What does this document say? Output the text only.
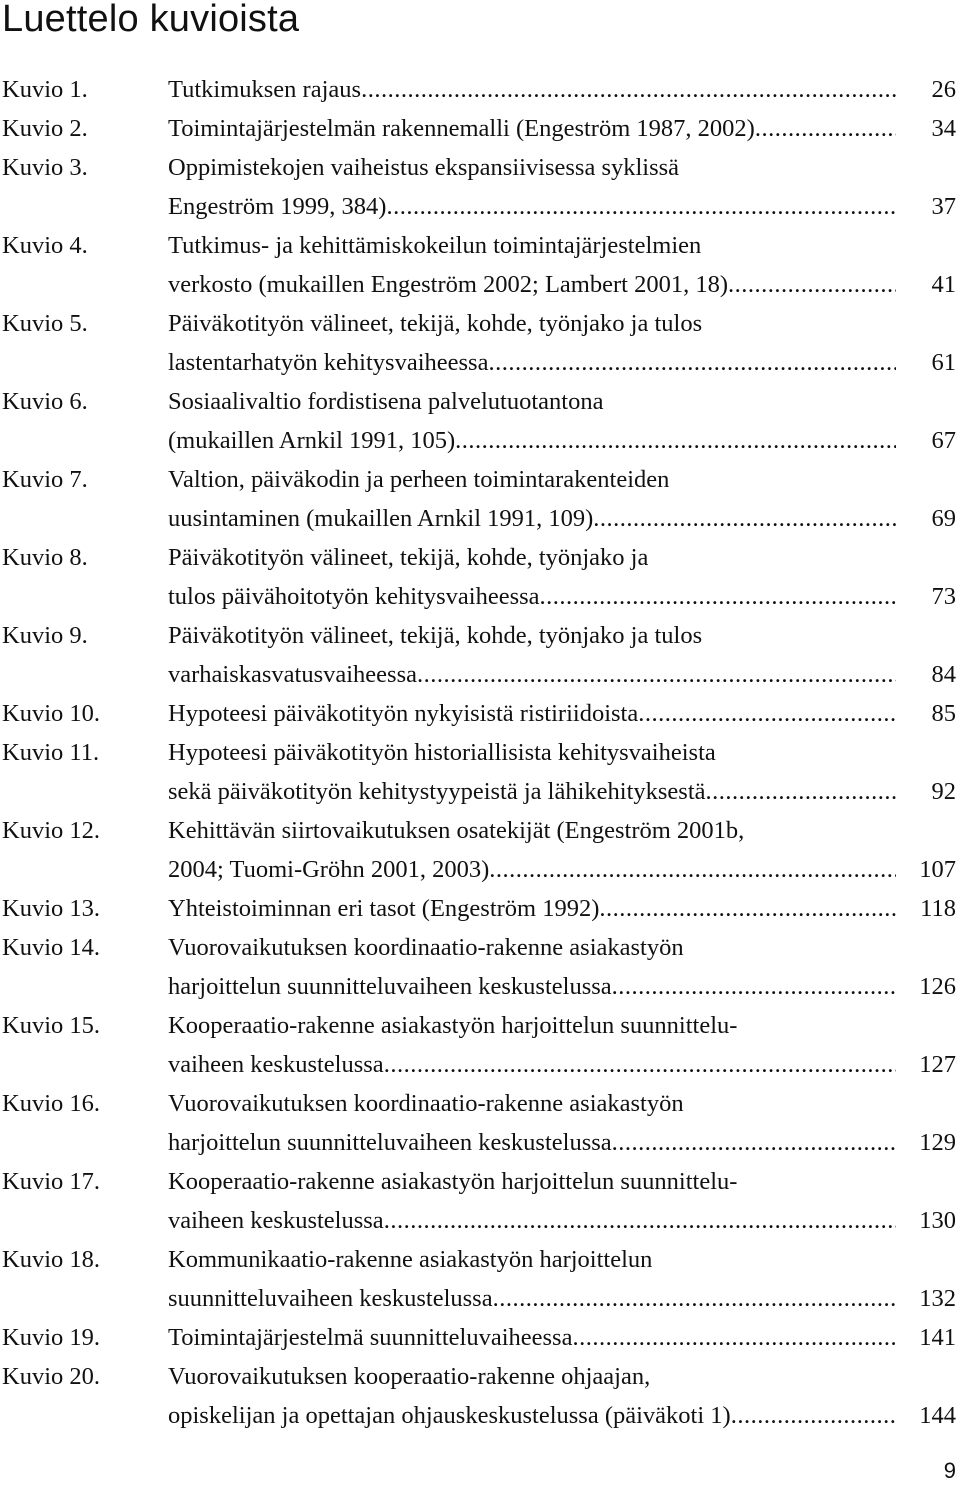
Luettelo kuvioista
Kuvio 1.	Tutkimuksen rajaus .....	26
Kuvio 2.	Toimintajärjestelmän rakennemalli (Engeström 1987, 2002) .....	34
Kuvio 3.	Oppimistekojen vaiheistus ekspansiivisessa syklissä
Engeström 1999, 384) .....	37
Kuvio 4.	Tutkimus- ja kehittämiskokeilun toimintajärjestelmien
verkosto (mukaillen Engeström 2002; Lambert 2001, 18) .....	41
Kuvio 5.	Päiväkotityön välineet, tekijä, kohde, työnjako ja tulos
lastentarhatyön kehitysvaiheessa .....	61
Kuvio 6.	Sosiaalivaltio fordistisena palvelutuotantona
(mukaillen Arnkil 1991, 105) .....	67
Kuvio 7.	Valtion, päiväkodin ja perheen toimintarakenteiden
uusintaminen (mukaillen Arnkil 1991, 109) .....	69
Kuvio 8.	Päiväkotityön välineet, tekijä, kohde, työnjako ja
tulos päivähoitotyön kehitysvaiheessa .....	73
Kuvio 9.	Päiväkotityön välineet, tekijä, kohde, työnjako ja tulos
varhaiskasvatusvaiheessa .....	84
Kuvio 10.	Hypoteesi päiväkotityön nykyisistä ristiriidoista .....	85
Kuvio 11.	Hypoteesi päiväkotityön historiallisista kehitysvaiheista
sekä päiväkotityön kehitystyypeistä ja lähikehityksestä .....	92
Kuvio 12.	Kehittävän siirtovaikutuksen osatekijät (Engeström 2001b,
2004; Tuomi-Gröhn 2001, 2003) .....	107
Kuvio 13.	Yhteistoiminnan eri tasot (Engeström 1992) .....	118
Kuvio 14.	Vuorovaikutuksen koordinaatio-rakenne asiakastyön
harjoittelun suunnitteluvaiheen keskustelussa .....	126
Kuvio 15.	Kooperaatio-rakenne asiakastyön harjoittelun suunnittelu-
vaiheen keskustelussa .....	127
Kuvio 16.	Vuorovaikutuksen koordinaatio-rakenne asiakastyön
harjoittelun suunnitteluvaiheen keskustelussa .....	129
Kuvio 17.	Kooperaatio-rakenne asiakastyön harjoittelun suunnittelu-
vaiheen keskustelussa .....	130
Kuvio 18.	Kommunikaatio-rakenne asiakastyön harjoittelun
suunnitteluvaiheen keskustelussa .....	132
Kuvio 19.	Toimintajärjestelmä suunnitteluvaiheessa .....	141
Kuvio 20.	Vuorovaikutuksen kooperaatio-rakenne ohjaajan,
opiskelijan ja opettajan ohjauskeskustelussa (päiväkoti 1) .....	144
9
